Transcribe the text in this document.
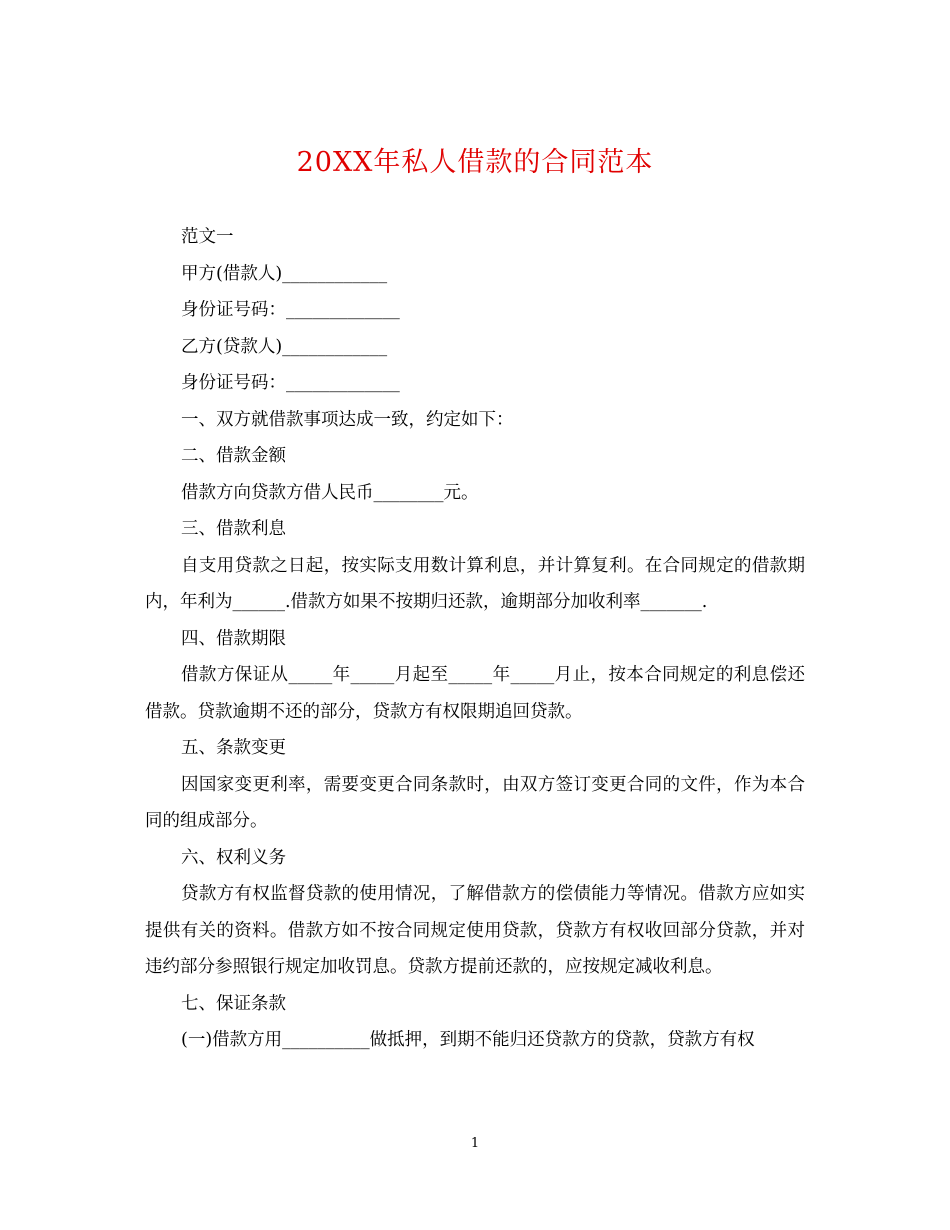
20XX年私人借款的合同范本
范文一
甲方(借款人)____________
身份证号码：_____________
乙方(贷款人)____________
身份证号码：_____________
一、双方就借款事项达成一致，约定如下：
二、借款金额
借款方向贷款方借人民币________元。
三、借款利息
自支用贷款之日起，按实际支用数计算利息，并计算复利。在合同规定的借款期内，年利为______.借款方如果不按期归还款，逾期部分加收利率_______.
四、借款期限
借款方保证从_____年_____月起至_____年_____月止，按本合同规定的利息偿还借款。贷款逾期不还的部分，贷款方有权限期追回贷款。
五、条款变更
因国家变更利率，需要变更合同条款时，由双方签订变更合同的文件，作为本合同的组成部分。
六、权利义务
贷款方有权监督贷款的使用情况，了解借款方的偿债能力等情况。借款方应如实提供有关的资料。借款方如不按合同规定使用贷款，贷款方有权收回部分贷款，并对违约部分参照银行规定加收罚息。贷款方提前还款的，应按规定减收利息。
七、保证条款
(一)借款方用__________做抵押，到期不能归还贷款方的贷款，贷款方有权
1
